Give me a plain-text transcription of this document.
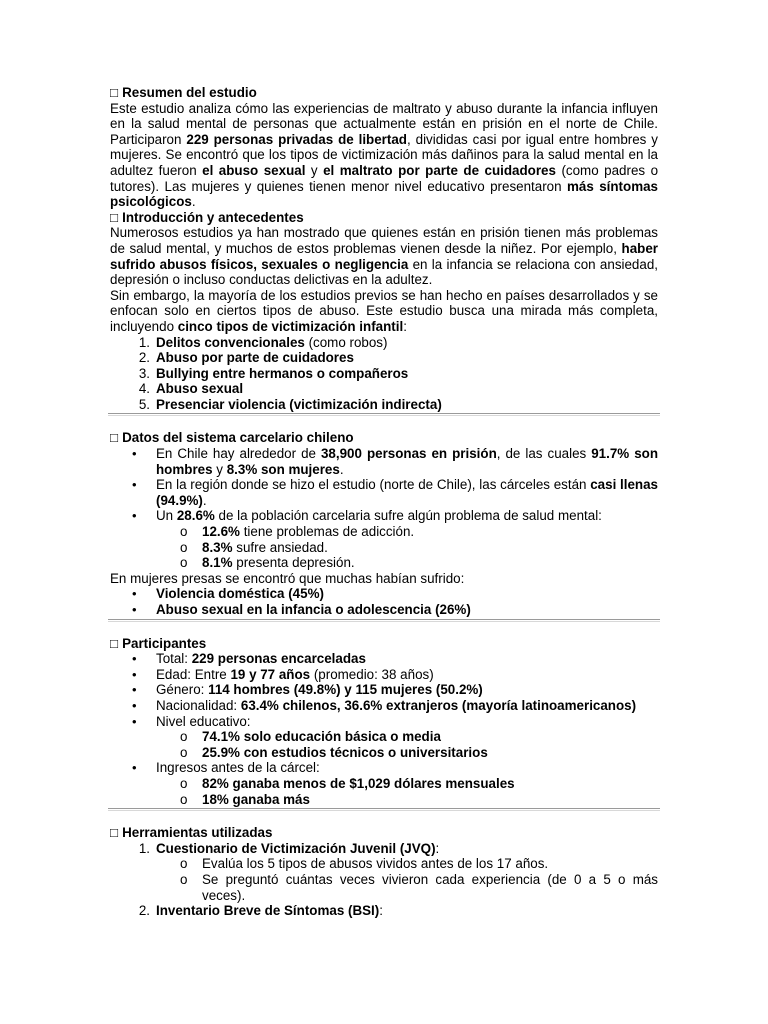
□ Resumen del estudio

Este estudio analiza cómo las experiencias de maltrato y abuso durante la infancia influyen en la salud mental de personas que actualmente están en prisión en el norte de Chile. Participaron 229 personas privadas de libertad, divididas casi por igual entre hombres y mujeres. Se encontró que los tipos de victimización más dañinos para la salud mental en la adultez fueron el abuso sexual y el maltrato por parte de cuidadores (como padres o tutores). Las mujeres y quienes tienen menor nivel educativo presentaron más síntomas psicológicos.

□ Introducción y antecedentes

Numerosos estudios ya han mostrado que quienes están en prisión tienen más problemas de salud mental, y muchos de estos problemas vienen desde la niñez. Por ejemplo, haber sufrido abusos físicos, sexuales o negligencia en la infancia se relaciona con ansiedad, depresión o incluso conductas delictivas en la adultez.

Sin embargo, la mayoría de los estudios previos se han hecho en países desarrollados y se enfocan solo en ciertos tipos de abuso. Este estudio busca una mirada más completa, incluyendo cinco tipos de victimización infantil:

1. Delitos convencionales (como robos)
2. Abuso por parte de cuidadores
3. Bullying entre hermanos o compañeros
4. Abuso sexual
5. Presenciar violencia (victimización indirecta)
□ Datos del sistema carcelario chileno
• En Chile hay alrededor de 38,900 personas en prisión, de las cuales 91.7% son hombres y 8.3% son mujeres.
• En la región donde se hizo el estudio (norte de Chile), las cárceles están casi llenas (94.9%).
• Un 28.6% de la población carcelaria sufre algún problema de salud mental:
o 12.6% tiene problemas de adicción.
o 8.3% sufre ansiedad.
o 8.1% presenta depresión.

En mujeres presas se encontró que muchas habían sufrido:

• Violencia doméstica (45%)
• Abuso sexual en la infancia o adolescencia (26%)
□ Participantes
• Total: 229 personas encarceladas
• Edad: Entre 19 y 77 años (promedio: 38 años)
• Género: 114 hombres (49.8%) y 115 mujeres (50.2%)
• Nacionalidad: 63.4% chilenos, 36.6% extranjeros (mayoría latinoamericanos)
• Nivel educativo:
o 74.1% solo educación básica o media
o 25.9% con estudios técnicos o universitarios
• Ingresos antes de la cárcel:
o 82% ganaba menos de $1,029 dólares mensuales
o 18% ganaba más
□ Herramientas utilizadas
1. Cuestionario de Victimización Juvenil (JVQ):
o Evalúa los 5 tipos de abusos vividos antes de los 17 años.
o Se preguntó cuántas veces vivieron cada experiencia (de 0 a 5 o más veces).
2. Inventario Breve de Síntomas (BSI):
